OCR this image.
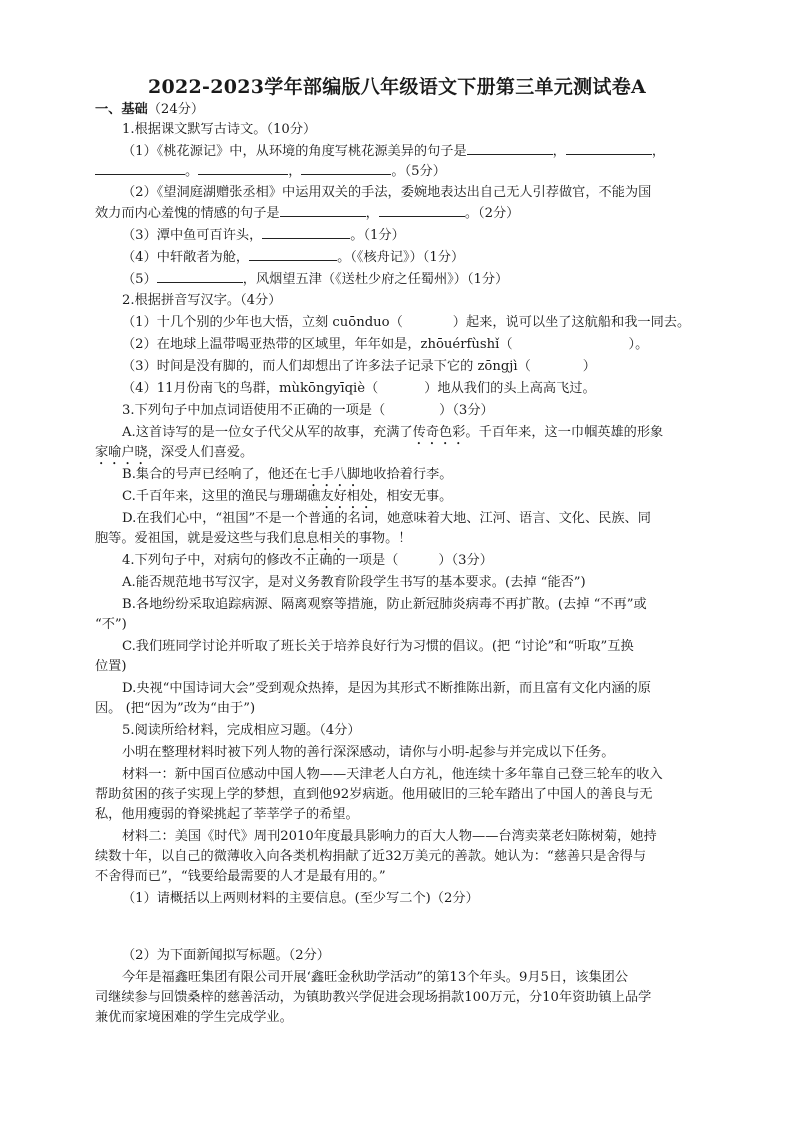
2022-2023学年部编版八年级语文下册第三单元测试卷A
一、基础（24分）
1.根据课文默写古诗文。（10分）
（1）《桃花源记》中，从环境的角度写桃花源美异的句子是	，	，
。	，	。（5分）
（2）《望洞庭湖赠张丞相》中运用双关的手法，委婉地表达出自己无人引荐做官，不能为国
效力而内心羞愧的情感的句子是	，	。（2分）
（3）潭中鱼可百许头，	。（1分）
（4）中轩敞者为舱，	。（《核舟记》）（1分）
（5）	，风烟望五津（《送杜少府之任蜀州》）（1分）
2.根据拼音写汉字。（4分）
（1）十几个别的少年也大悟，立刻 cuōnduo（	）起来，说可以坐了这航船和我一同去。
（2）在地球上温带喝亚热带的区域里，年年如是，zhōuérfùshǐ（	）。
（3）时间是没有脚的，而人们却想出了许多法子记录下它的 zōngjì（	）
（4）11月份南飞的鸟群，mùkōngyīqiè（	）地从我们的头上高高飞过。
3.下列句子中加点词语使用不正确的一项是（	）（3分）
A.这首诗写的是一位女子代父从军的故事，充满了传奇色彩。千百年来，这一巾帼英雄的形象
家喻户晓，深受人们喜爱。
B.集合的号声已经响了，他还在七手八脚地收拾着行李。
C.千百年来，这里的渔民与珊瑚礁友好相处，相安无事。
D.在我们心中，“祖国”不是一个普通的名词，她意味着大地、江河、语言、文化、民族、同
胞等。爱祖国，就是爱这些与我们息息相关的事物。！
4.下列句子中，对病句的修改不正确的一项是（	）（3分）
A.能否规范地书写汉字，是对义务教育阶段学生书写的基本要求。(去掉 “能否”)
B.各地纷纷采取追踪病源、隔离观察等措施，防止新冠肺炎病毒不再扩散。(去掉 “不再”或
“不”)
C.我们班同学讨论并听取了班长关于培养良好行为习惯的倡议。(把 “讨论”和“听取”互换
位置)
D.央视“中国诗词大会”受到观众热捧，是因为其形式不断推陈出新，而且富有文化内涵的原
因。 (把“因为”改为“由于”)
5.阅读所给材料，完成相应习题。（4分）
小明在整理材料时被下列人物的善行深深感动，请你与小明-起参与并完成以下任务。
材料一：新中国百位感动中国人物——天津老人白方礼，他连续十多年靠自己登三轮车的收入
帮助贫困的孩子实现上学的梦想，直到他92岁病逝。他用破旧的三轮车踏出了中国人的善良与无
私，他用瘦弱的脊梁挑起了莘莘学子的希望。
材料二：美国《时代》周刊2010年度最具影响力的百大人物——台湾卖菜老妇陈树菊，她持
续数十年，以自己的微薄收入向各类机构捐献了近32万美元的善款。她认为：“慈善只是舍得与
不舍得而已”，“钱要给最需要的人才是最有用的。”
（1）请概括以上两则材料的主要信息。(至少写二个)（2分）
（2）为下面新闻拟写标题。（2分）
今年是福鑫旺集团有限公司开展‘鑫旺金秋助学活动”的第13个年头。9月5日，该集团公
司继续参与回馈桑梓的慈善活动，为镇助教兴学促进会现场捐款100万元，分10年资助镇上品学
兼优而家境困难的学生完成学业。
